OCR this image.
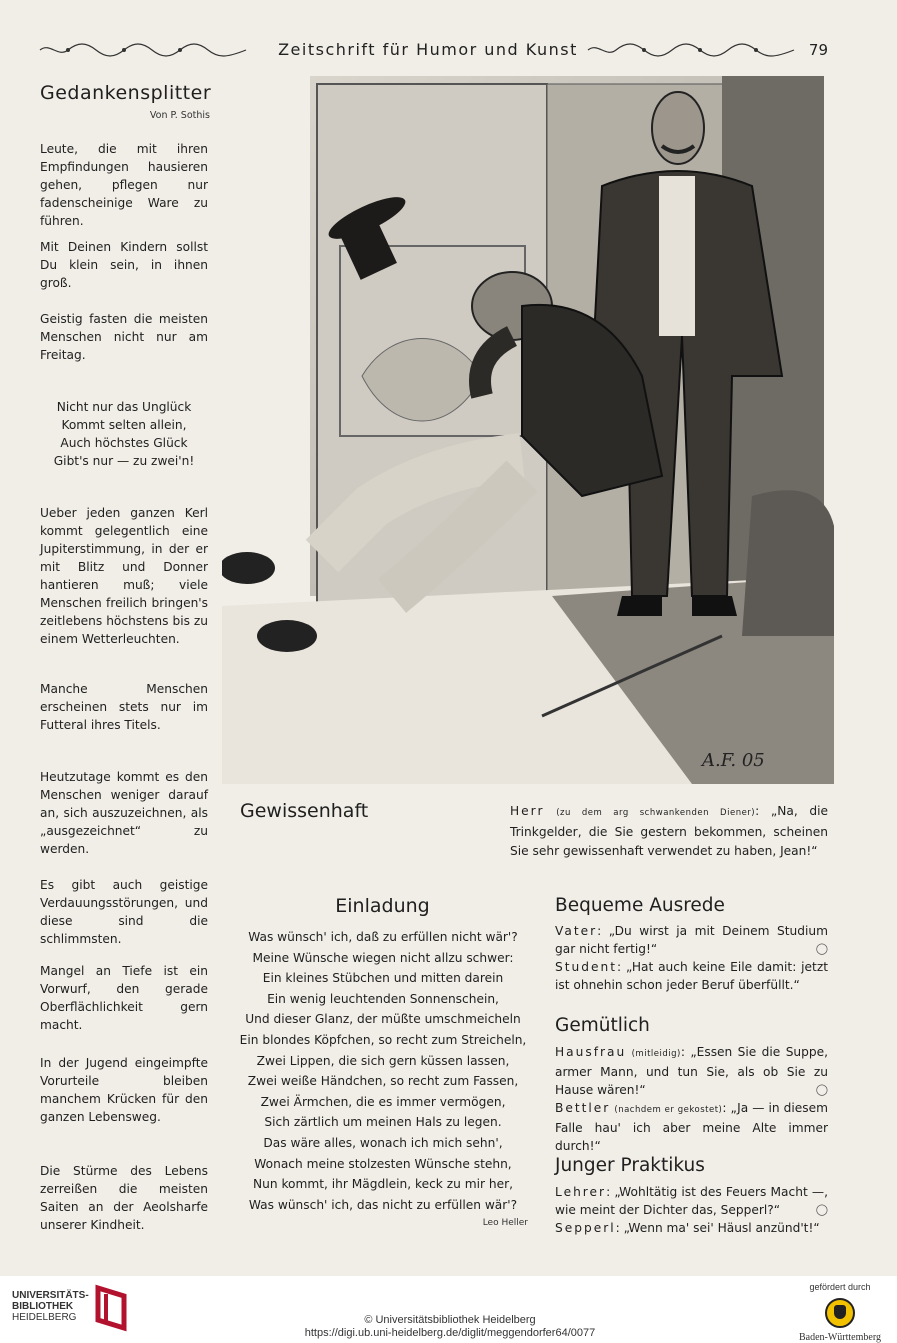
Zeitschrift für Humor und Kunst	79
Gedankensplitter
Von P. Sothis
Leute, die mit ihren Empfindungen hausieren gehen, pflegen nur fadenscheinige Ware zu führen.
Mit Deinen Kindern sollst Du klein sein, in ihnen groß.
Geistig fasten die meisten Menschen nicht nur am Freitag.
Nicht nur das Unglück
Kommt selten allein,
Auch höchstes Glück
Gibt's nur — zu zwei'n!
Ueber jeden ganzen Kerl kommt gelegentlich eine Jupiterstimmung, in der er mit Blitz und Donner hantieren muß; viele Menschen freilich bringen's zeitlebens höchstens bis zu einem Wetterleuchten.
Manche Menschen erscheinen stets nur im Futteral ihres Titels.
Heutzutage kommt es den Menschen weniger darauf an, sich auszuzeichnen, als „ausgezeichnet“ zu werden.
Es gibt auch geistige Verdauungsstörungen, und diese sind die schlimmsten.
Mangel an Tiefe ist ein Vorwurf, den gerade Oberflächlichkeit gern macht.
In der Jugend eingeimpfte Vorurteile bleiben manchem Krücken für den ganzen Lebensweg.
Die Stürme des Lebens zerreißen die meisten Saiten an der Aeolsharfe unserer Kindheit.
A.F. 05
Gewissenhaft	Herr (zu dem arg schwankenden Diener): „Na, die Trinkgelder, die Sie gestern bekommen, scheinen Sie sehr gewissenhaft verwendet zu haben, Jean!“
Einladung
Was wünsch' ich, daß zu erfüllen nicht wär'?
Meine Wünsche wiegen nicht allzu schwer:
Ein kleines Stübchen und mitten darein
Ein wenig leuchtenden Sonnenschein,
Und dieser Glanz, der müßte umschmeicheln
Ein blondes Köpfchen, so recht zum Streicheln,
Zwei Lippen, die sich gern küssen lassen,
Zwei weiße Händchen, so recht zum Fassen,
Zwei Ärmchen, die es immer vermögen,
Sich zärtlich um meinen Hals zu legen.
Das wäre alles, wonach ich mich sehn',
Wonach meine stolzesten Wünsche stehn,
Nun kommt, ihr Mägdlein, keck zu mir her,
Was wünsch' ich, das nicht zu erfüllen wär'?
Leo Heller
Bequeme Ausrede
Vater: „Du wirst ja mit Deinem Studium gar nicht fertig!“	◯

Student: „Hat auch keine Eile damit: jetzt ist ohnehin schon jeder Beruf überfüllt.“
Gemütlich
Hausfrau (mitleidig): „Essen Sie die Suppe, armer Mann, und tun Sie, als ob Sie zu Hause wären!“	◯

Bettler (nachdem er gekostet): „Ja — in diesem Falle hau' ich aber meine Alte immer durch!“
Junger Praktikus
Lehrer: „Wohltätig ist des Feuers Macht —, wie meint der Dichter das, Sepperl?“	◯

Sepperl: „Wenn ma' sei' Häusl anzünd't!“
UNIVERSITÄTS-
BIBLIOTHEK
HEIDELBERG	© Universitätsbibliothek Heidelberg
https://digi.ub.uni-heidelberg.de/diglit/meggendorfer64/0077
gefördert durch
Baden-Württemberg
